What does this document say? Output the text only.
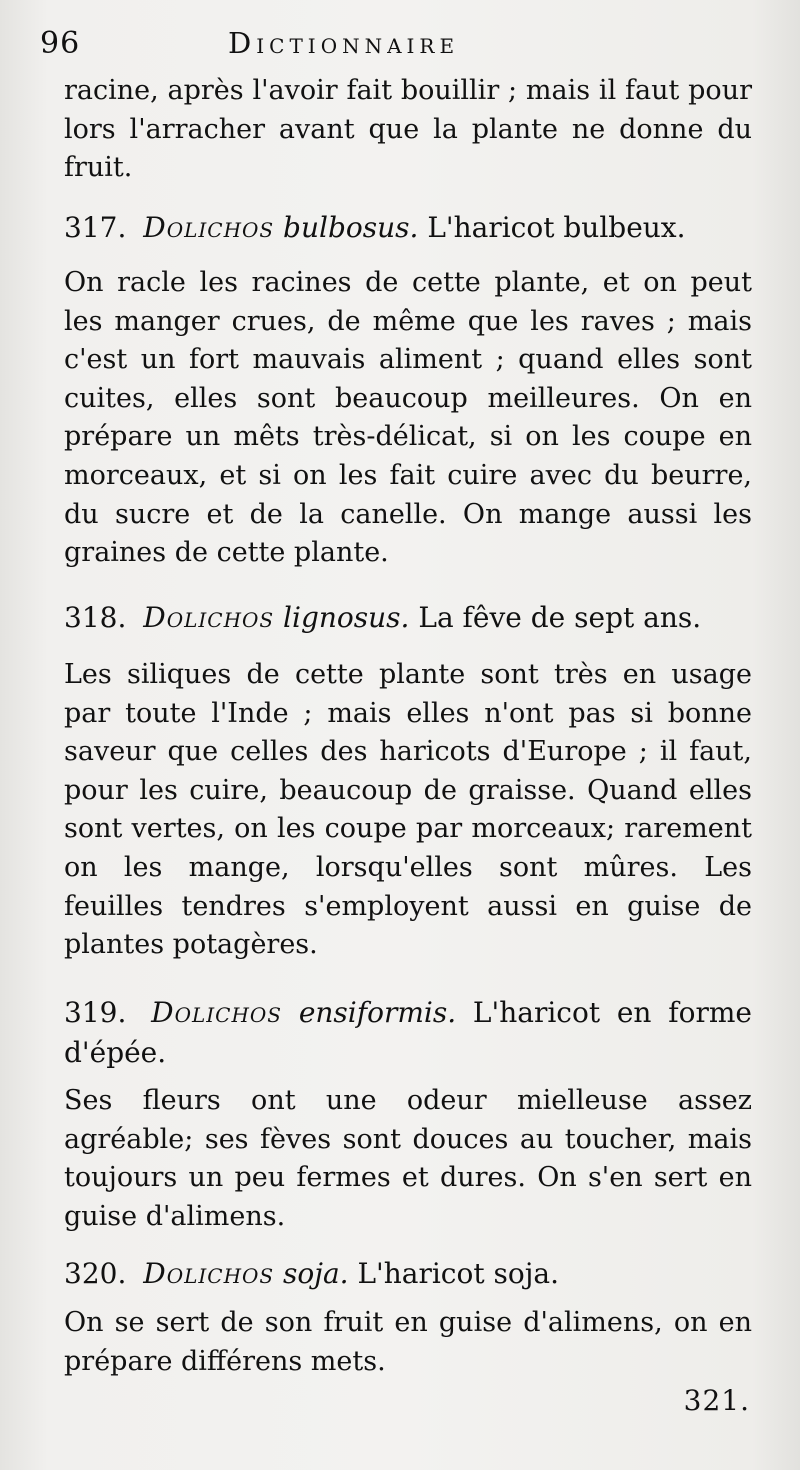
96	Dictionnaire

racine, après l'avoir fait bouillir ; mais il faut pour lors l'arracher avant que la plante ne donne du fruit.

317. Dolichos bulbosus. L'haricot bulbeux.

On racle les racines de cette plante, et on peut les manger crues, de même que les raves ; mais c'est un fort mauvais aliment ; quand elles sont cuites, elles sont beaucoup meilleures. On en prépare un mêts très-délicat, si on les coupe en morceaux, et si on les fait cuire avec du beurre, du sucre et de la canelle. On mange aussi les graines de cette plante.

318. Dolichos lignosus. La fêve de sept ans.

Les siliques de cette plante sont très en usage par toute l'Inde ; mais elles n'ont pas si bonne saveur que celles des haricots d'Europe ; il faut, pour les cuire, beaucoup de graisse. Quand elles sont vertes, on les coupe par morceaux; rarement on les mange, lorsqu'elles sont mûres. Les feuilles tendres s'employent aussi en guise de plantes potagères.

319. Dolichos ensiformis. L'haricot en forme d'épée.

Ses fleurs ont une odeur mielleuse assez agréable; ses fèves sont douces au toucher, mais toujours un peu fermes et dures. On s'en sert en guise d'alimens.

320. Dolichos soja. L'haricot soja.

On se sert de son fruit en guise d'alimens, on en prépare différens mets.

321.
